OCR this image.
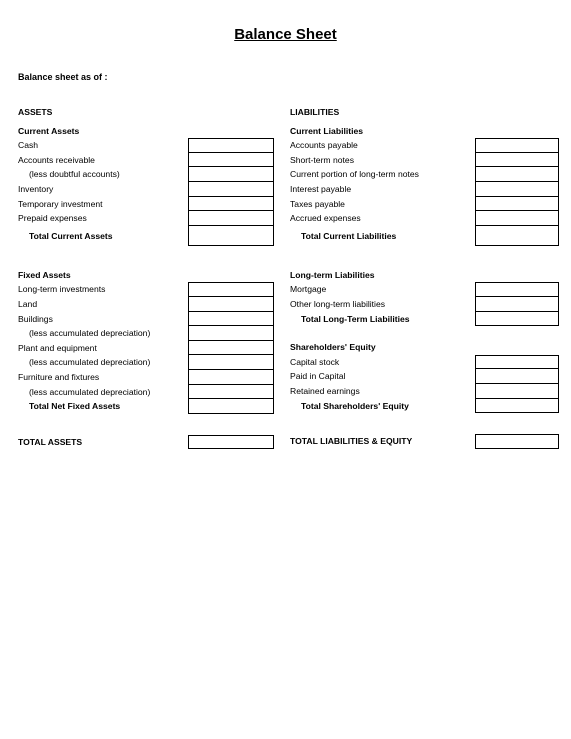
Balance Sheet
Balance sheet as of :
ASSETS
Current Assets
Cash
Accounts receivable
(less doubtful accounts)
Inventory
Temporary investment
Prepaid expenses
Total Current Assets
Fixed Assets
Long-term investments
Land
Buildings
(less accumulated depreciation)
Plant and equipment
(less accumulated depreciation)
Furniture and fixtures
(less accumulated depreciation)
Total Net Fixed Assets
TOTAL ASSETS
LIABILITIES
Current Liabilities
Accounts payable
Short-term notes
Current portion of long-term notes
Interest payable
Taxes payable
Accrued expenses
Total Current Liabilities
Long-term Liabilities
Mortgage
Other long-term liabilities
Total Long-Term Liabilities
Shareholders' Equity
Capital stock
Paid in Capital
Retained earnings
Total Shareholders' Equity
TOTAL LIABILITIES & EQUITY
